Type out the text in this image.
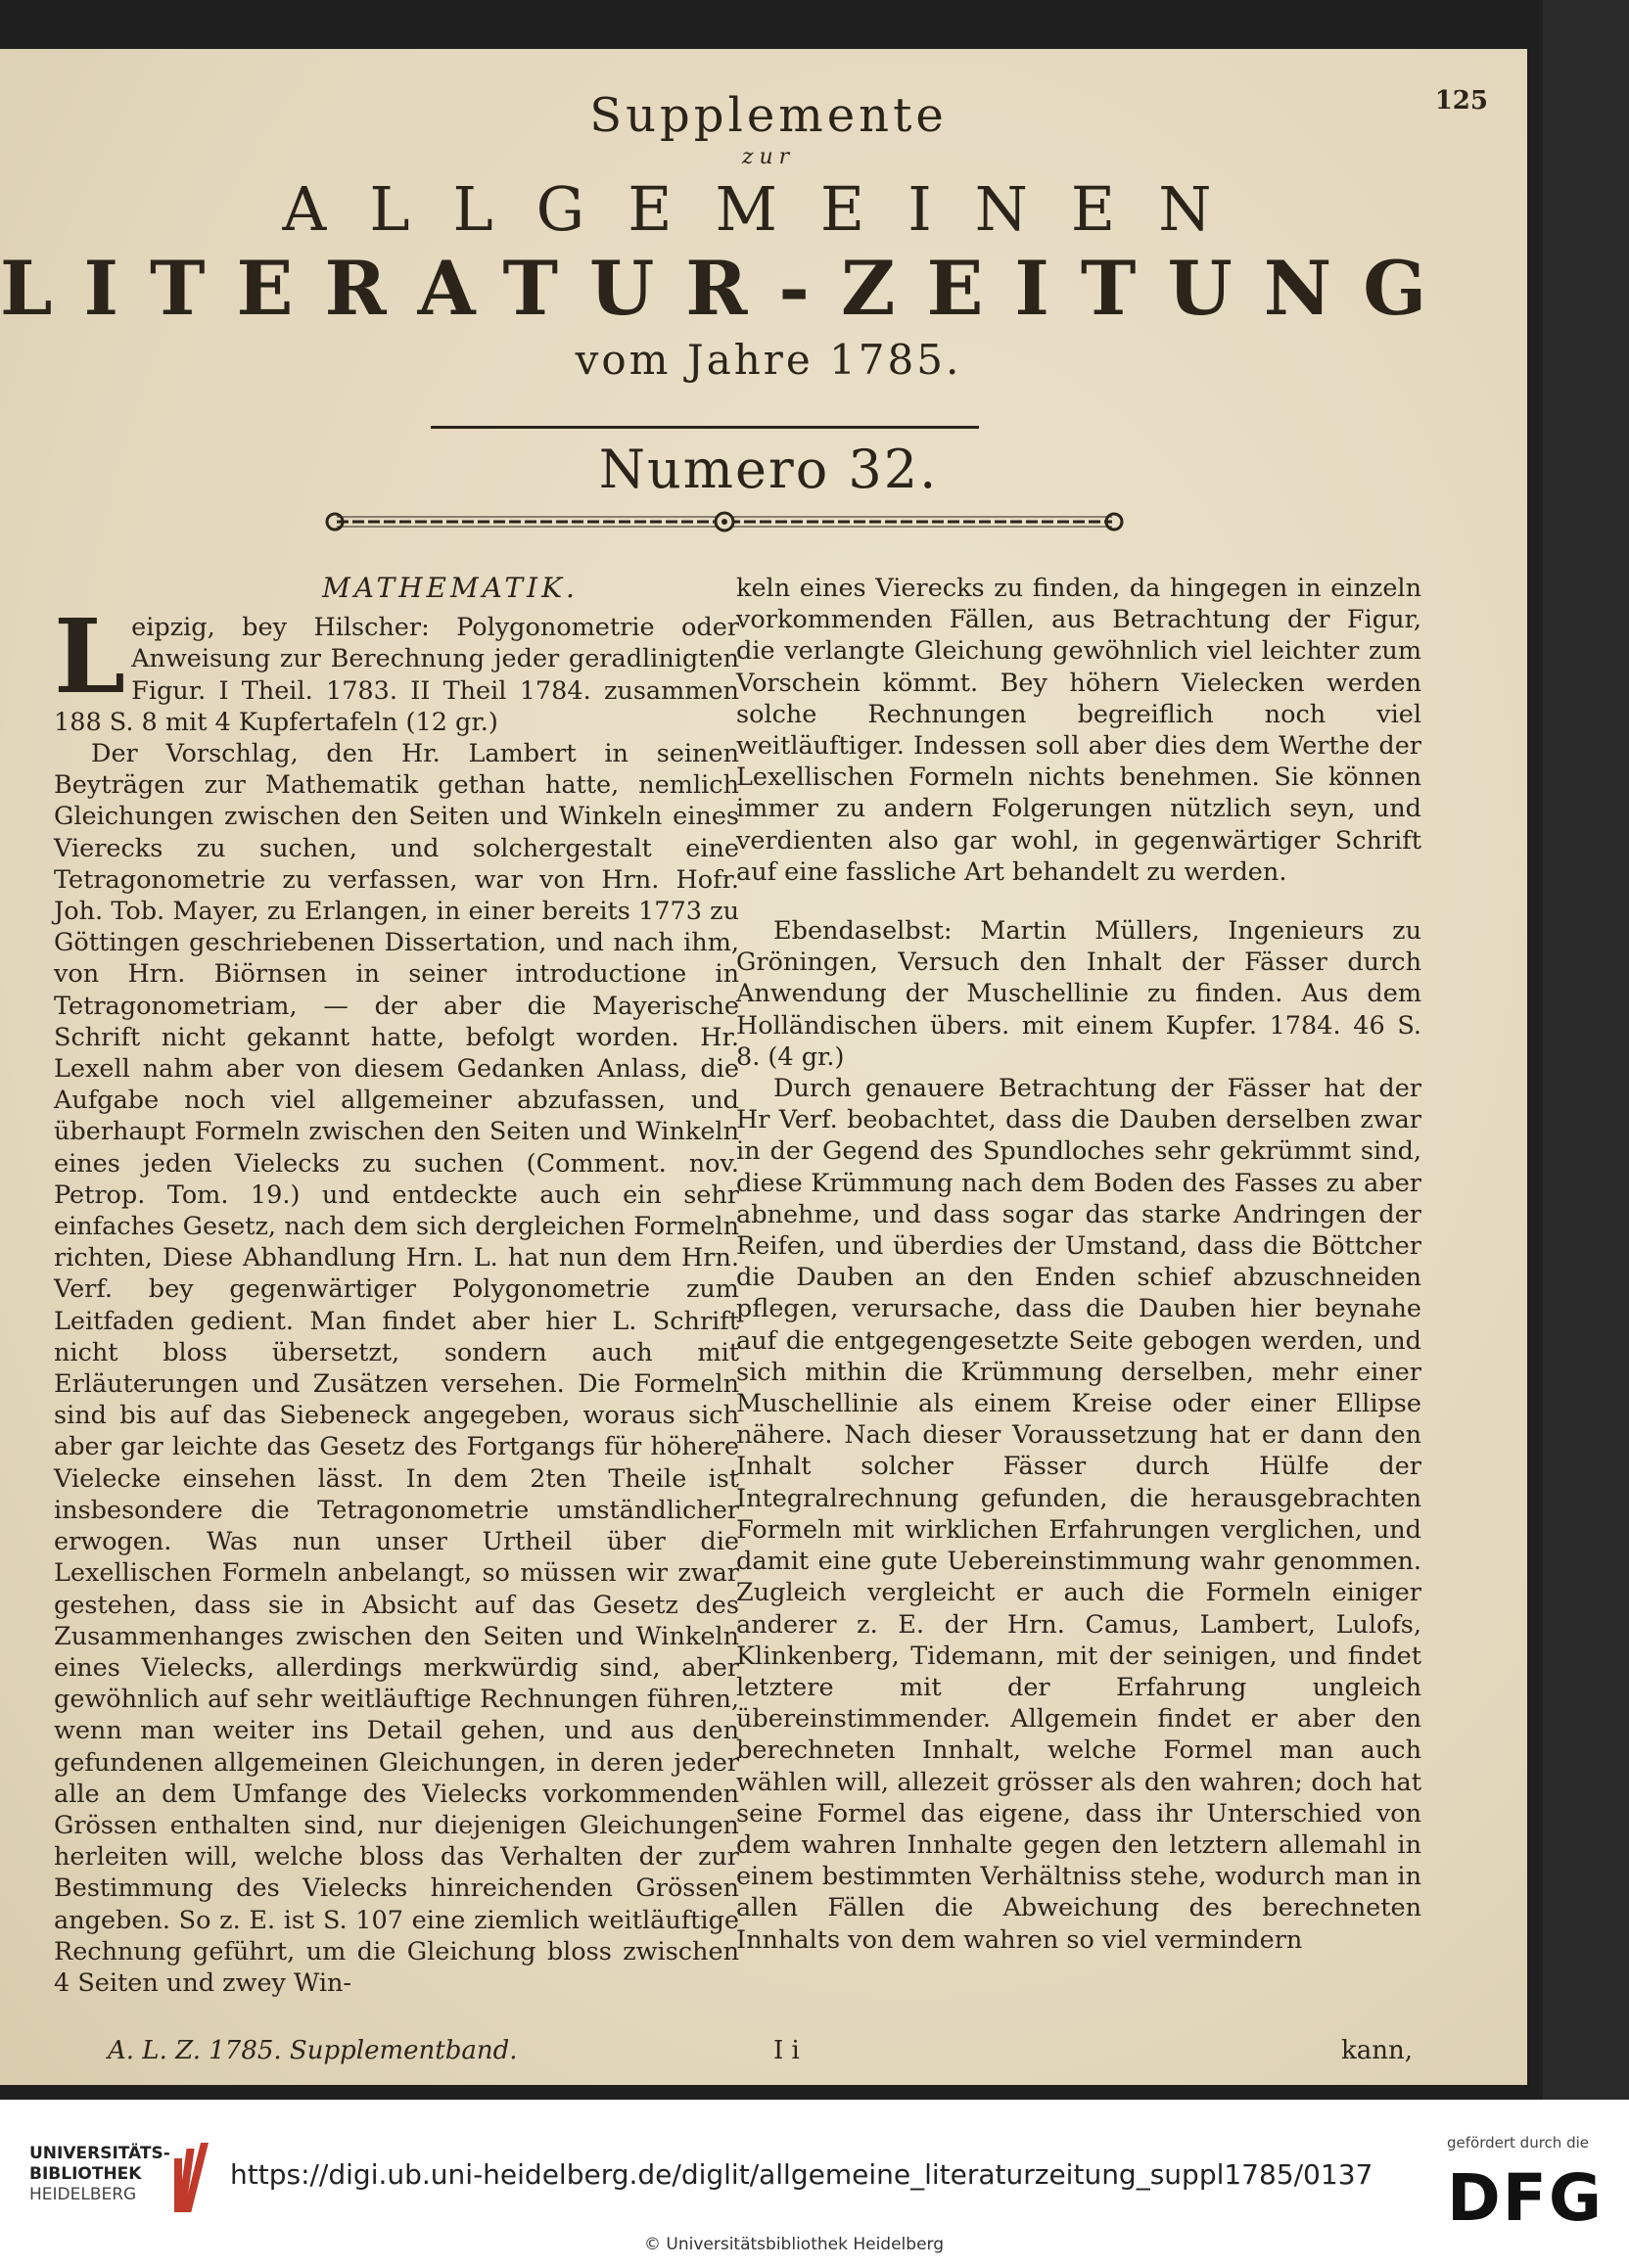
125
Supplemente
zur
ALLGEMEINEN
LITERATUR-ZEITUNG
vom Jahre 1785.
Numero 32.
MATHEMATIK.

Leipzig, bey Hilscher: Polygonometrie oder Anweisung zur Berechnung jeder geradlinigten Figur. I Theil. 1783. II Theil 1784. zusammen 188 S. 8 mit 4 Kupfertafeln (12 gr.)

Der Vorschlag, den Hr. Lambert in seinen Beyträgen zur Mathematik gethan hatte, nemlich Gleichungen zwischen den Seiten und Winkeln eines Vierecks zu suchen, und solchergestalt eine Tetragonometrie zu verfassen, war von Hrn. Hofr. Joh. Tob. Mayer, zu Erlangen, in einer bereits 1773 zu Göttingen geschriebenen Dissertation, und nach ihm, von Hrn. Biörnsen in seiner introductione in Tetragonometriam, — der aber die Mayerische Schrift nicht gekannt hatte, befolgt worden. Hr. Lexell nahm aber von diesem Gedanken Anlass, die Aufgabe noch viel allgemeiner abzufassen, und überhaupt Formeln zwischen den Seiten und Winkeln eines jeden Vielecks zu suchen (Comment. nov. Petrop. Tom. 19.) und entdeckte auch ein sehr einfaches Gesetz, nach dem sich dergleichen Formeln richten, Diese Abhandlung Hrn. L. hat nun dem Hrn. Verf. bey gegenwärtiger Polygonometrie zum Leitfaden gedient. Man findet aber hier L. Schrift nicht bloss übersetzt, sondern auch mit Erläuterungen und Zusätzen versehen. Die Formeln sind bis auf das Siebeneck angegeben, woraus sich aber gar leichte das Gesetz des Fortgangs für höhere Vielecke einsehen lässt. In dem 2ten Theile ist insbesondere die Tetragonometrie umständlicher erwogen. Was nun unser Urtheil über die Lexellischen Formeln anbelangt, so müssen wir zwar gestehen, dass sie in Absicht auf das Gesetz des Zusammenhanges zwischen den Seiten und Winkeln eines Vielecks, allerdings merkwürdig sind, aber gewöhnlich auf sehr weitläuftige Rechnungen führen, wenn man weiter ins Detail gehen, und aus den gefundenen allgemeinen Gleichungen, in deren jeder alle an dem Umfange des Vielecks vorkommenden Grössen enthalten sind, nur diejenigen Gleichungen herleiten will, welche bloss das Verhalten der zur Bestimmung des Vielecks hinreichenden Grössen angeben. So z. E. ist S. 107 eine ziemlich weitläuftige Rechnung geführt, um die Gleichung bloss zwischen 4 Seiten und zwey Win-

keln eines Vierecks zu finden, da hingegen in einzeln vorkommenden Fällen, aus Betrachtung der Figur, die verlangte Gleichung gewöhnlich viel leichter zum Vorschein kömmt. Bey höhern Vielecken werden solche Rechnungen begreiflich noch viel weitläuftiger. Indessen soll aber dies dem Werthe der Lexellischen Formeln nichts benehmen. Sie können immer zu andern Folgerungen nützlich seyn, und verdienten also gar wohl, in gegenwärtiger Schrift auf eine fassliche Art behandelt zu werden.

Ebendaselbst: Martin Müllers, Ingenieurs zu Gröningen, Versuch den Inhalt der Fässer durch Anwendung der Muschellinie zu finden. Aus dem Holländischen übers. mit einem Kupfer. 1784. 46 S. 8. (4 gr.)

Durch genauere Betrachtung der Fässer hat der Hr Verf. beobachtet, dass die Dauben derselben zwar in der Gegend des Spundloches sehr gekrümmt sind, diese Krümmung nach dem Boden des Fasses zu aber abnehme, und dass sogar das starke Andringen der Reifen, und überdies der Umstand, dass die Böttcher die Dauben an den Enden schief abzuschneiden pflegen, verursache, dass die Dauben hier beynahe auf die entgegengesetzte Seite gebogen werden, und sich mithin die Krümmung derselben, mehr einer Muschellinie als einem Kreise oder einer Ellipse nähere. Nach dieser Voraussetzung hat er dann den Inhalt solcher Fässer durch Hülfe der Integralrechnung gefunden, die herausgebrachten Formeln mit wirklichen Erfahrungen verglichen, und damit eine gute Uebereinstimmung wahr genommen. Zugleich vergleicht er auch die Formeln einiger anderer z. E. der Hrn. Camus, Lambert, Lulofs, Klinkenberg, Tidemann, mit der seinigen, und findet letztere mit der Erfahrung ungleich übereinstimmender. Allgemein findet er aber den berechneten Innhalt, welche Formel man auch wählen will, allezeit grösser als den wahren; doch hat seine Formel das eigene, dass ihr Unterschied von dem wahren Innhalte gegen den letztern allemahl in einem bestimmten Verhältniss stehe, wodurch man in allen Fällen die Abweichung des berechneten Innhalts von dem wahren so viel vermindern

A. L. Z. 1785. Supplementband.	I i	kann,
UNIVERSITÄTS-
BIBLIOTHEK
HEIDELBERG
https://digi.ub.uni-heidelberg.de/diglit/allgemeine_literaturzeitung_suppl1785/0137
© Universitätsbibliothek Heidelberg
gefördert durch die
DFG
